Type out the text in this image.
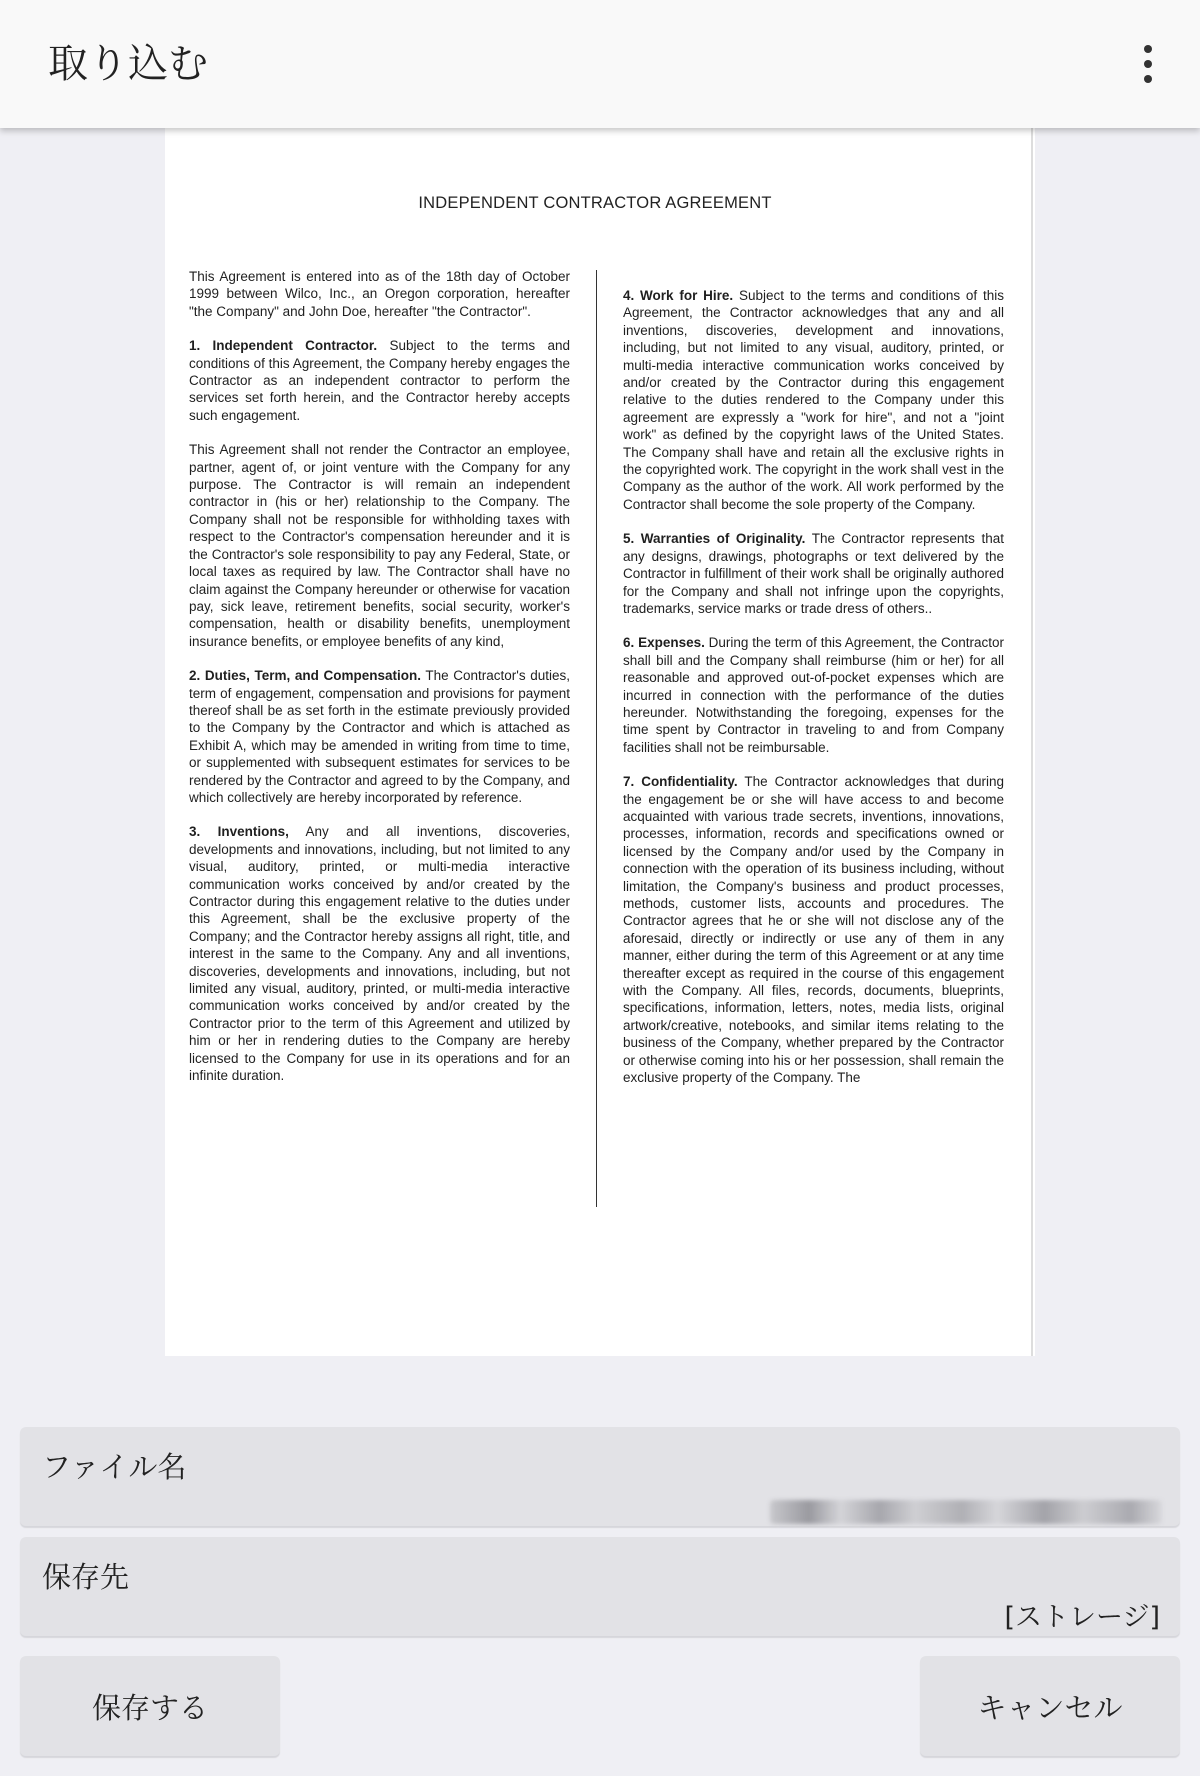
取り込む
INDEPENDENT CONTRACTOR AGREEMENT

This Agreement is entered into as of the 18th day of October 1999 between Wilco, Inc., an Oregon corporation, hereafter "the Company" and John Doe, hereafter "the Contractor".

1. Independent Contractor. Subject to the terms and conditions of this Agreement, the Company hereby engages the Contractor as an independent contractor to perform the services set forth herein, and the Contractor hereby accepts such engagement.

This Agreement shall not render the Contractor an employee, partner, agent of, or joint venture with the Company for any purpose. The Contractor is will remain an independent contractor in (his or her) relationship to the Company. The Company shall not be responsible for withholding taxes with respect to the Contractor's compensation hereunder and it is the Contractor's sole responsibility to pay any Federal, State, or local taxes as required by law. The Contractor shall have no claim against the Company hereunder or otherwise for vacation pay, sick leave, retirement benefits, social security, worker's compensation, health or disability benefits, unemployment insurance benefits, or employee benefits of any kind,

2. Duties, Term, and Compensation. The Contractor's duties, term of engagement, compensation and provisions for payment thereof shall be as set forth in the estimate previously provided to the Company by the Contractor and which is attached as Exhibit A, which may be amended in writing from time to time, or supplemented with subsequent estimates for services to be rendered by the Contractor and agreed to by the Company, and which collectively are hereby incorporated by reference.

3. Inventions, Any and all inventions, discoveries, developments and innovations, including, but not limited to any visual, auditory, printed, or multi-media interactive communication works conceived by and/or created by the Contractor during this engagement relative to the duties under this Agreement, shall be the exclusive property of the Company; and the Contractor hereby assigns all right, title, and interest in the same to the Company. Any and all inventions, discoveries, developments and innovations, including, but not limited any visual, auditory, printed, or multi-media interactive communication works conceived by and/or created by the Contractor prior to the term of this Agreement and utilized by him or her in rendering duties to the Company are hereby licensed to the Company for use in its operations and for an infinite duration.

4. Work for Hire. Subject to the terms and conditions of this Agreement, the Contractor acknowledges that any and all inventions, discoveries, development and innovations, including, but not limited to any visual, auditory, printed, or multi-media interactive communication works conceived by and/or created by the Contractor during this engagement relative to the duties rendered to the Company under this agreement are expressly a "work for hire", and not a "joint work" as defined by the copyright laws of the United States. The Company shall have and retain all the exclusive rights in the copyrighted work. The copyright in the work shall vest in the Company as the author of the work. All work performed by the Contractor shall become the sole property of the Company.

5. Warranties of Originality. The Contractor represents that any designs, drawings, photographs or text delivered by the Contractor in fulfillment of their work shall be originally authored for the Company and shall not infringe upon the copyrights, trademarks, service marks or trade dress of others..

6. Expenses. During the term of this Agreement, the Contractor shall bill and the Company shall reimburse (him or her) for all reasonable and approved out-of-pocket expenses which are incurred in connection with the performance of the duties hereunder. Notwithstanding the foregoing, expenses for the time spent by Contractor in traveling to and from Company facilities shall not be reimbursable.

7. Confidentiality. The Contractor acknowledges that during the engagement be or she will have access to and become acquainted with various trade secrets, inventions, innovations, processes, information, records and specifications owned or licensed by the Company and/or used by the Company in connection with the operation of its business including, without limitation, the Company's business and product processes, methods, customer lists, accounts and procedures. The Contractor agrees that he or she will not disclose any of the aforesaid, directly or indirectly or use any of them in any manner, either during the term of this Agreement or at any time thereafter except as required in the course of this engagement with the Company. All files, records, documents, blueprints, specifications, information, letters, notes, media lists, original artwork/creative, notebooks, and similar items relating to the business of the Company, whether prepared by the Contractor or otherwise coming into his or her possession, shall remain the exclusive property of the Company. The

ファイル名
保存先
[ストレージ]
保存する	キャンセル
